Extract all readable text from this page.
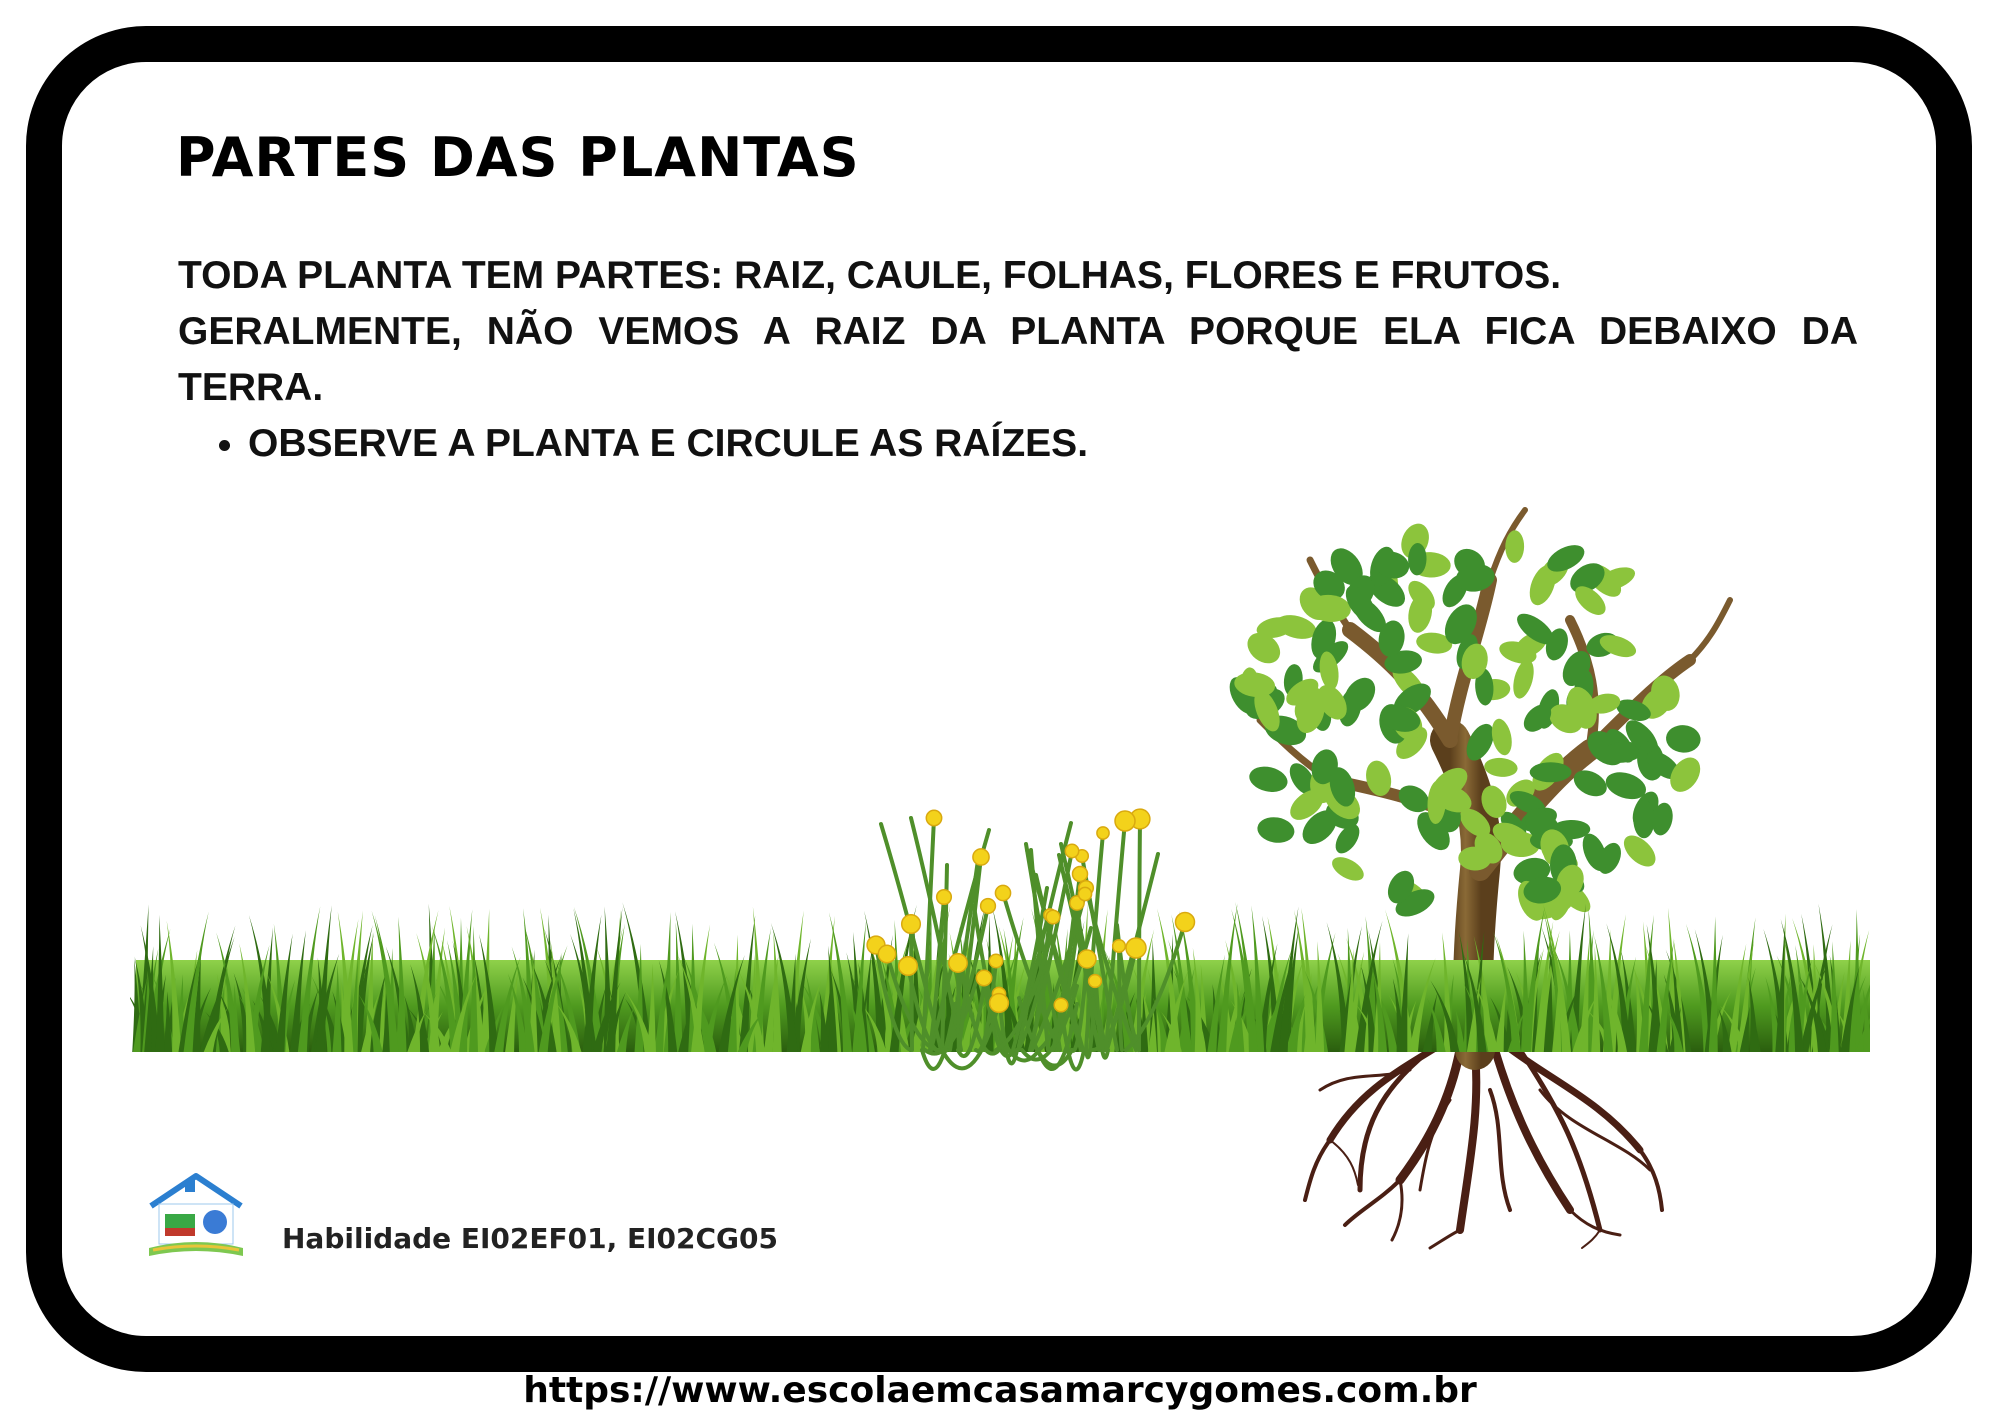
PARTES DAS PLANTAS

TODA PLANTA TEM PARTES: RAIZ, CAULE, FOLHAS, FLORES E FRUTOS.

GERALMENTE, NÃO VEMOS A RAIZ DA PLANTA PORQUE ELA FICA DEBAIXO DA TERRA.

• OBSERVE A PLANTA E CIRCULE AS RAÍZES.
Habilidade EI02EF01, EI02CG05
https://www.escolaemcasamarcygomes.com.br
